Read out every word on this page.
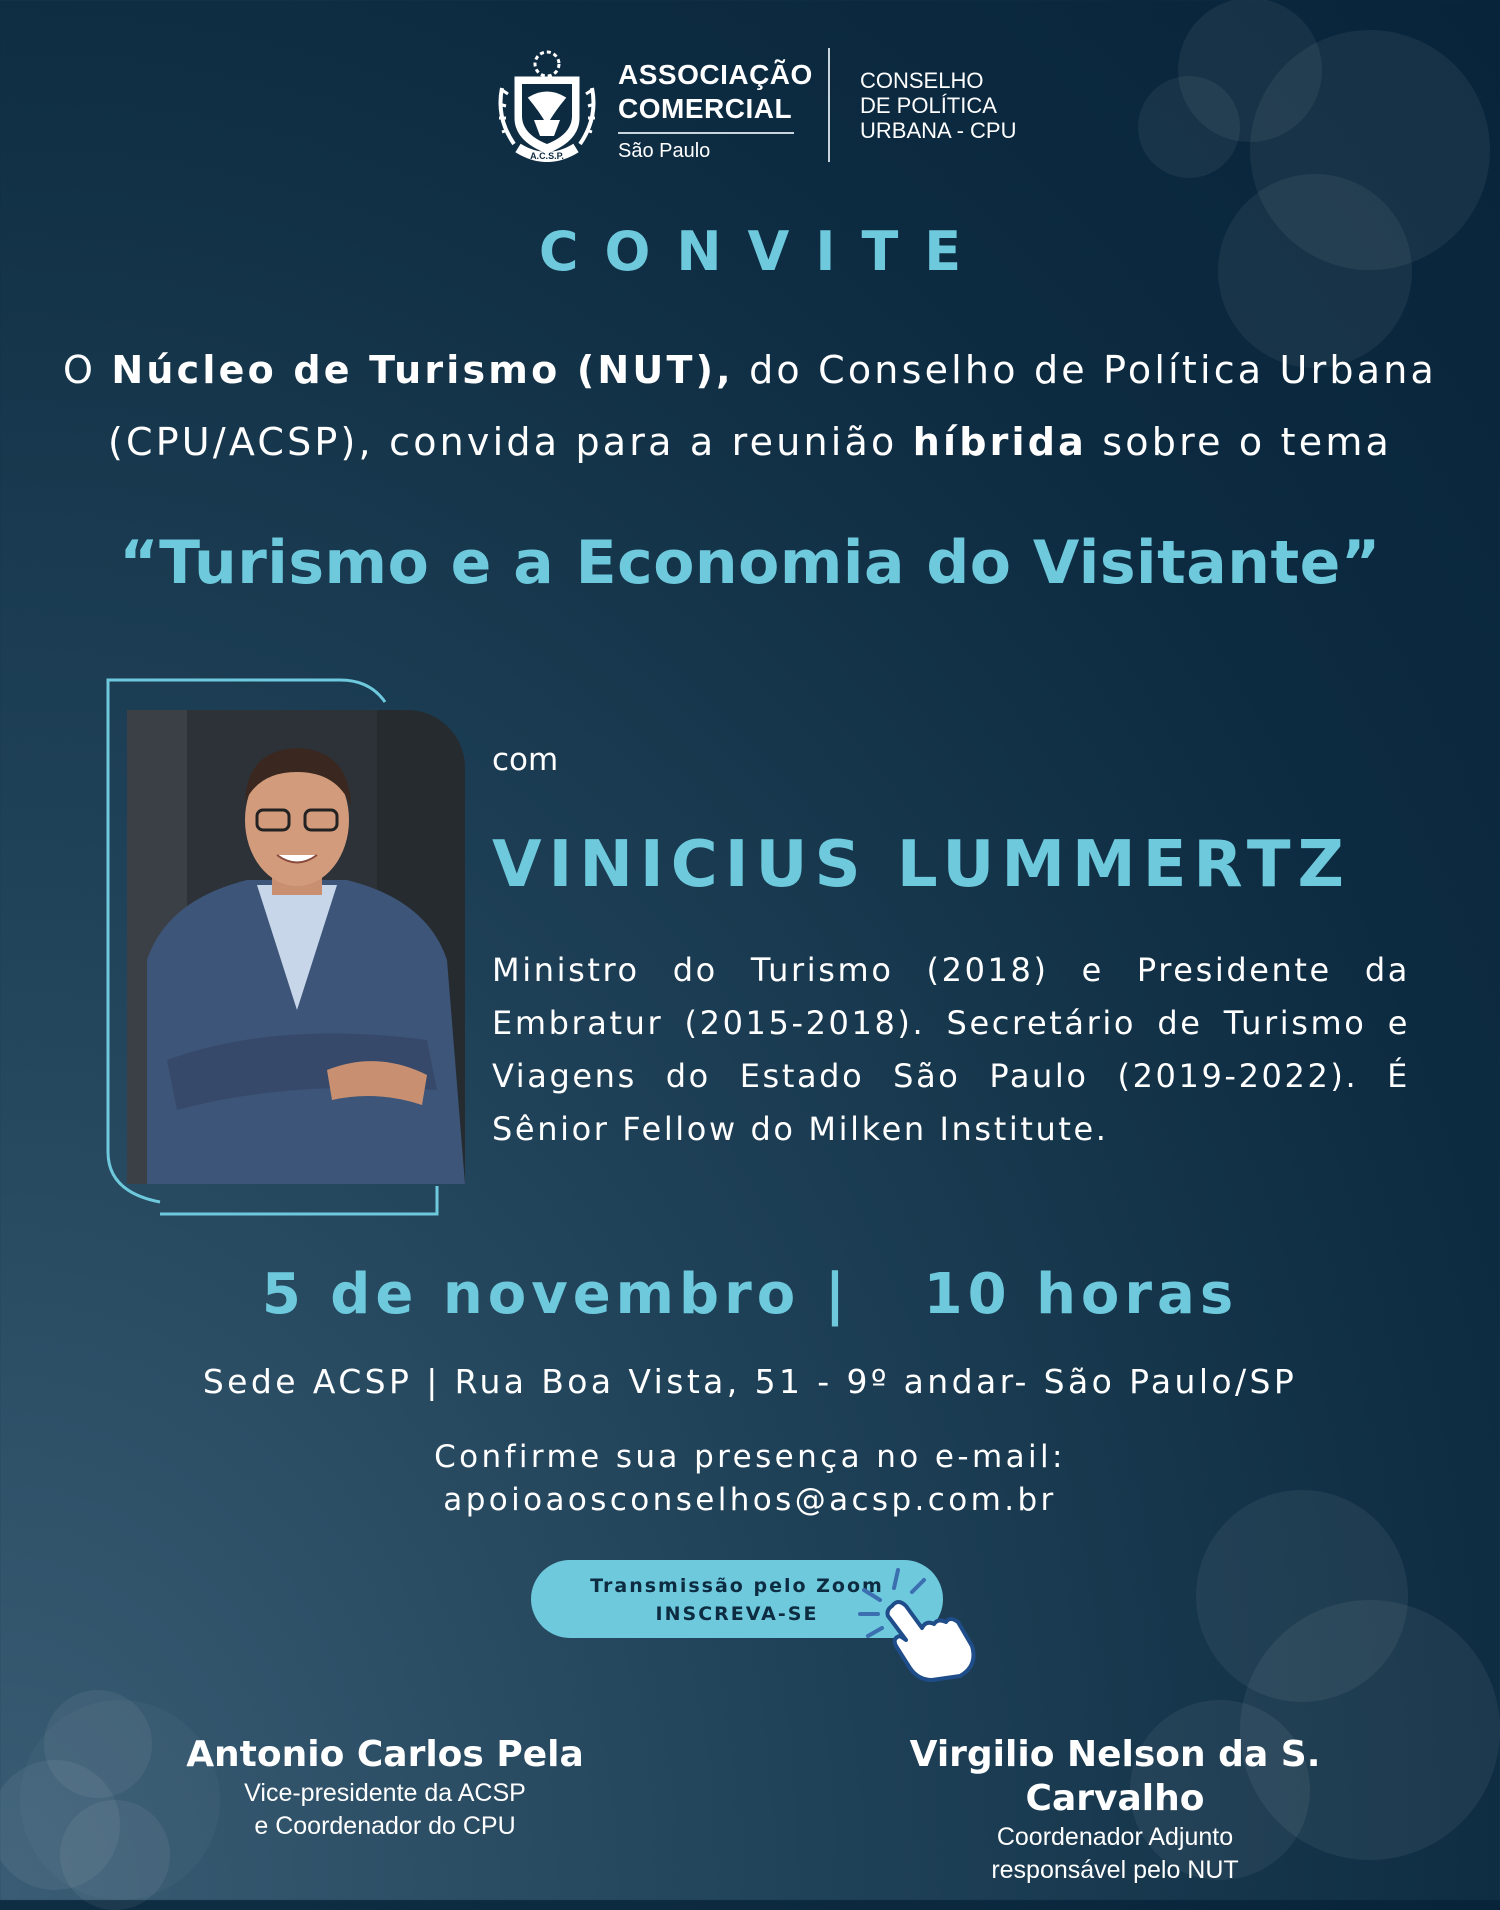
A.C.S.P.
ASSOCIAÇÃO
COMERCIAL
São Paulo
CONSELHO
DE POLÍTICA
URBANA - CPU
CONVITE
O Núcleo de Turismo (NUT), do Conselho de Política Urbana (CPU/ACSP), convida para a reunião híbrida sobre o tema
“Turismo e a Economia do Visitante”
com
VINICIUS LUMMERTZ
Ministro do Turismo (2018) e Presidente da Embratur (2015-2018). Secretário de Turismo e Viagens do Estado São Paulo (2019-2022). É Sênior Fellow do Milken Institute.
5 de novembro |   10 horas
Sede ACSP | Rua Boa Vista, 51 - 9º andar- São Paulo/SP
Confirme sua presença no e-mail:
apoioaosconselhos@acsp.com.br
Transmissão pelo Zoom
INSCREVA-SE
Antonio Carlos Pela
Vice-presidente da ACSP
e Coordenador do CPU
Virgilio Nelson da S. Carvalho
Coordenador Adjunto
responsável pelo NUT
